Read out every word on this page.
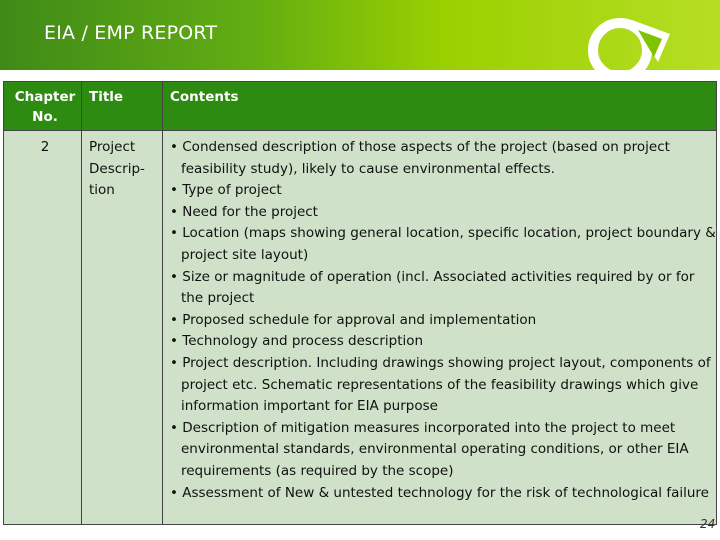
EIA / EMP REPORT
Chapter No.
Title	Contents
2	Project Descrip- tion
• Condensed description of those aspects of the project (based on project feasibility study), likely to cause environmental effects.
• Type of project
• Need for the project
• Location (maps showing general location, specific location, project boundary & project site layout)
• Size or magnitude of operation (incl. Associated activities required by or for the project
• Proposed schedule for approval and implementation
• Technology and process description
• Project description. Including drawings showing project layout, components of project etc. Schematic representations of the feasibility drawings which give information important for EIA purpose
• Description of mitigation measures incorporated into the project to meet environmental standards, environmental operating conditions, or other EIA requirements (as required by the scope)
• Assessment of New & untested technology for the risk of technological failure
24
